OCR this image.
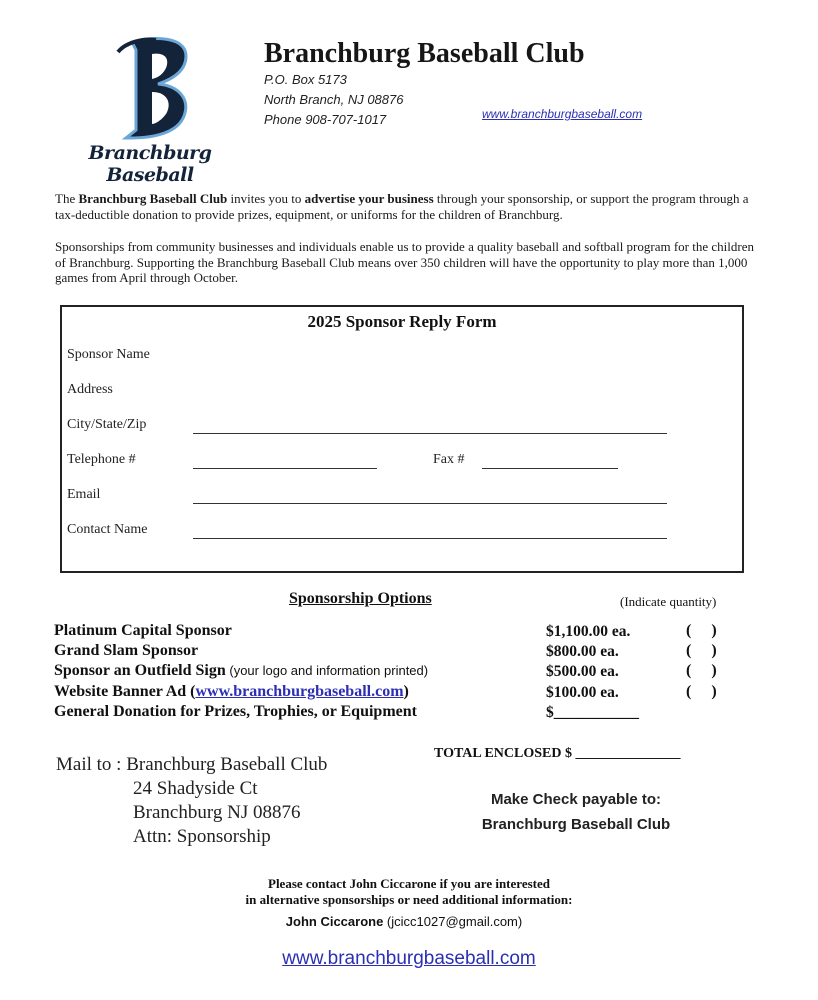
Branchburg Baseball
Branchburg Baseball Club
P.O. Box 5173
North Branch, NJ 08876
Phone 908-707-1017	www.branchburgbaseball.com
The Branchburg Baseball Club invites you to advertise your business through your sponsorship, or support the program through a tax-deductible donation to provide prizes, equipment, or uniforms for the children of Branchburg.
Sponsorships from community businesses and individuals enable us to provide a quality baseball and softball program for the children of Branchburg. Supporting the Branchburg Baseball Club means over 350 children will have the opportunity to play more than 1,000 games from April through October.
2025 Sponsor Reply Form
Sponsor Name
Address
City/State/Zip
Telephone #	Fax #
Email
Contact Name
Sponsorship Options	(Indicate quantity)
Platinum Capital Sponsor	$1,100.00 ea.	(     )
Grand Slam Sponsor	$800.00 ea.	(     )
Sponsor an Outfield Sign (your logo and information printed)	$500.00 ea.	(     )
Website Banner Ad (www.branchburgbaseball.com)	$100.00 ea.	(     )
General Donation for Prizes, Trophies, or Equipment	$___________
Mail to : Branchburg Baseball Club
24 Shadyside Ct
Branchburg NJ 08876
Attn: Sponsorship
TOTAL ENCLOSED $ _______________
Make Check payable to:
Branchburg Baseball Club
Please contact John Ciccarone if you are interested
in alternative sponsorships or need additional information:
John Ciccarone (jcicc1027@gmail.com)
www.branchburgbaseball.com
